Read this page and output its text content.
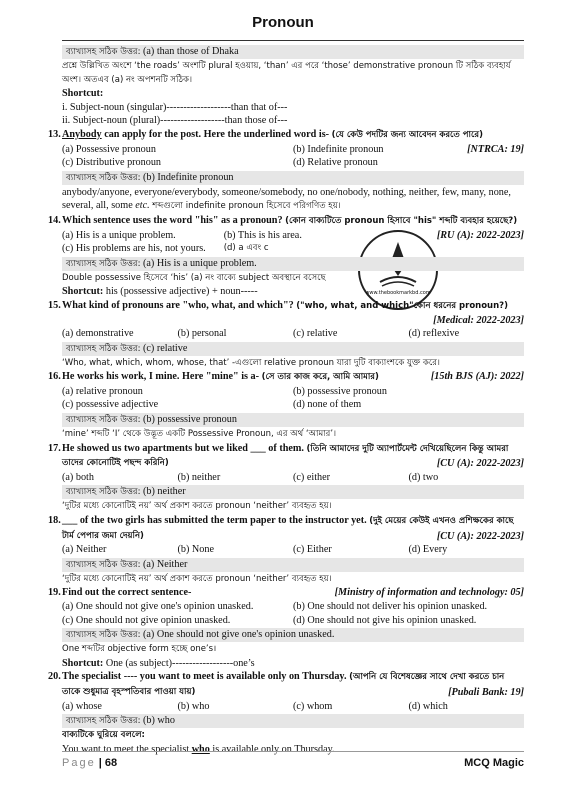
Pronoun
www.thebookmarkbd.com
ব্যাখ্যাসহ সঠিক উত্তর: (a) than those of Dhaka
প্রশ্নে উল্লিখিত অংশে ‘the roads’ অংশটি plural হওয়ায়, ‘than’ এর পরে ‘those’ demonstrative pronoun টি সঠিক ব্যবহার্য অংশ। অতএব (a) নং অপশনটি সঠিক।
Shortcut:
i. Subject-noun (singular)-------------------than that of---
ii. Subject-noun (plural)-------------------than those of---
13.Anybody can apply for the post. Here the underlined word is- (যে কেউ পদটির জন্য আবেদন করতে পারে)
(a) Possessive pronoun	(b) Indefinite pronoun	[NTRCA: 19]
(c) Distributive pronoun	(d) Relative pronoun
ব্যাখ্যাসহ সঠিক উত্তর: (b) Indefinite pronoun
anybody/anyone, everyone/everybody, someone/somebody, no one/nobody, nothing, neither, few, many, none, several, all, some etc. শব্দগুলো indefinite pronoun হিসেবে পরিগণিত হয়।
14.Which sentence uses the word "his" as a pronoun? (কোন বাক্যটিতে pronoun হিসাবে "his" শব্দটি ব্যবহার হয়েছে?)
[RU (A): 2022-2023]
(a) His is a unique problem.	(b) This is his area.
(c) His problems are his, not yours.	(d) a এবং c
ব্যাখ্যাসহ সঠিক উত্তর: (a) His is a unique problem.
Double possessive হিসেবে ‘his’ (a) নং বাক্যে subject অবস্থানে বসেছে
Shortcut: his (possessive adjective) + noun-----
15.What kind of pronouns are "who, what, and which"? ("who, what, and which"কোন ধরনের pronoun?)
[Medical: 2022-2023]
(a) demonstrative	(b) personal	(c) relative	(d) reflexive
ব্যাখ্যাসহ সঠিক উত্তর: (c) relative
‘Who, what, which, whom, whose, that’ -এগুলো relative pronoun যারা দুটি বাক্যাংশকে যুক্ত করে।
16.He works his work, I mine. Here "mine" is a- (সে তার কাজ করে, আমি আমার)	[15th BJS (AJ): 2022]
(a) relative pronoun	(b) possessive pronoun
(c) possessive adjective	(d) none of them
ব্যাখ্যাসহ সঠিক উত্তর: (b) possessive pronoun
‘mine’ শব্দটি ‘I’ থেকে উদ্ভূত একটি Possessive Pronoun, এর অর্থ ‘আমার’।
17.He showed us two apartments but we liked ___ of them. (তিনি আমাদের দুটি অ্যাপার্টমেন্ট দেখিয়েছিলেন কিন্তু আমরা তাদের কোনোটিই পছন্দ করিনি)	[CU (A): 2022-2023]
(a) both	(b) neither	(c) either	(d) two
ব্যাখ্যাসহ সঠিক উত্তর: (b) neither
‘দুটির মধ্যে কোনোটিই নয়’ অর্থ প্রকাশ করতে pronoun ‘neither’ ব্যবহৃত হয়।
18.___ of the two girls has submitted the term paper to the instructor yet. (দুই মেয়ের কেউই এখনও প্রশিক্ষকের কাছে টার্ম পেপার জমা দেয়নি)	[CU (A): 2022-2023]
(a) Neither	(b) None	(c) Either	(d) Every
ব্যাখ্যাসহ সঠিক উত্তর: (a) Neither
‘দুটির মধ্যে কোনোটিই নয়’ অর্থ প্রকাশ করতে pronoun ‘neither’ ব্যবহৃত হয়।
19.Find out the correct sentence-	[Ministry of information and technology: 05]
(a) One should not give one's opinion unasked.	(b) One should not deliver his opinion unasked.
(c) One should not give opinion unasked.	(d) One should not give his opinion unasked.
ব্যাখ্যাসহ সঠিক উত্তর: (a) One should not give one's opinion unasked.
One শব্দটির objective form হচ্ছে one’s।
Shortcut: One (as subject)------------------one’s
20.The specialist ---- you want to meet is available only on Thursday. (আপনি যে বিশেষজ্ঞের সাথে দেখা করতে চান তাকে শুধুমাত্র বৃহস্পতিবার পাওয়া যায়)	[Pubali Bank: 19]
(a) whose	(b) who	(c) whom	(d) which
ব্যাখ্যাসহ সঠিক উত্তর: (b) who
বাক্যটিকে ঘুরিয়ে বললে:
You want to meet the specialist who is available only on Thursday.
Page | 68	MCQ Magic
